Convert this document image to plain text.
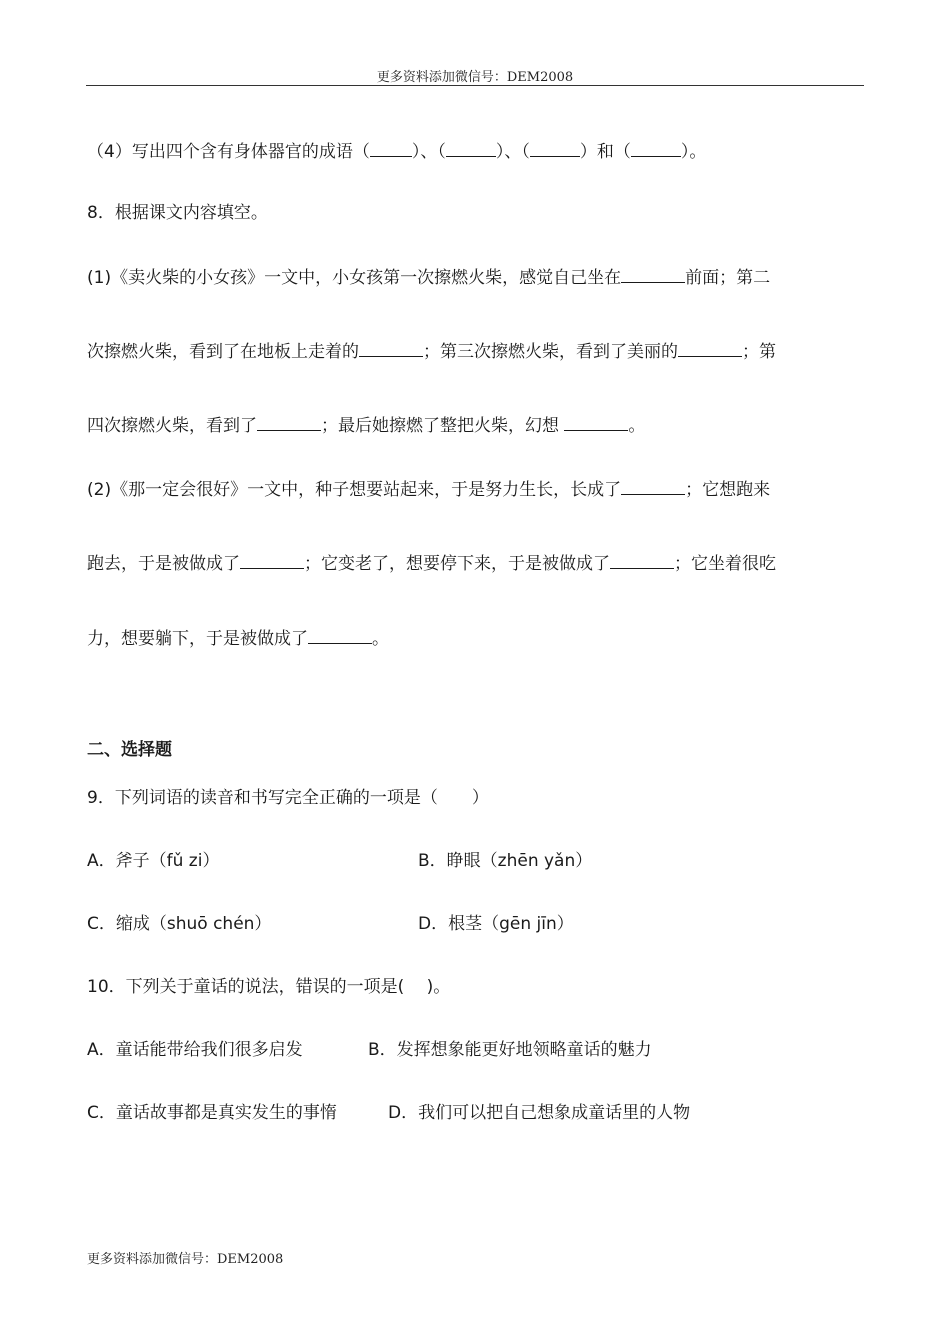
更多资料添加微信号：DEM2008
（4）写出四个含有身体器官的成语（ ）、（	）、（	）和（	）。
8．根据课文内容填空。
(1)《卖火柴的小女孩》一文中，小女孩第一次擦燃火柴，感觉自己坐在	前面；第二
次擦燃火柴，看到了在地板上走着的	；第三次擦燃火柴，看到了美丽的	；第
四次擦燃火柴，看到了	；最后她擦燃了整把火柴，幻想	。
(2)《那一定会很好》一文中，种子想要站起来，于是努力生长，长成了	；它想跑来
跑去，于是被做成了	；它变老了，想要停下来，于是被做成了	；它坐着很吃
力，想要躺下，于是被做成了	。
二、选择题
9．下列词语的读音和书写完全正确的一项是（　　）
A．斧子（fǔ zi）	B．睁眼（zhēn yǎn）
C．缩成（shuō chén）	D．根茎（gēn jīn）
10．下列关于童话的说法，错误的一项是(　 )。
A．童话能带给我们很多启发	B．发挥想象能更好地领略童话的魅力
C．童话故事都是真实发生的事惰	D．我们可以把自己想象成童话里的人物
更多资料添加微信号：DEM2008
